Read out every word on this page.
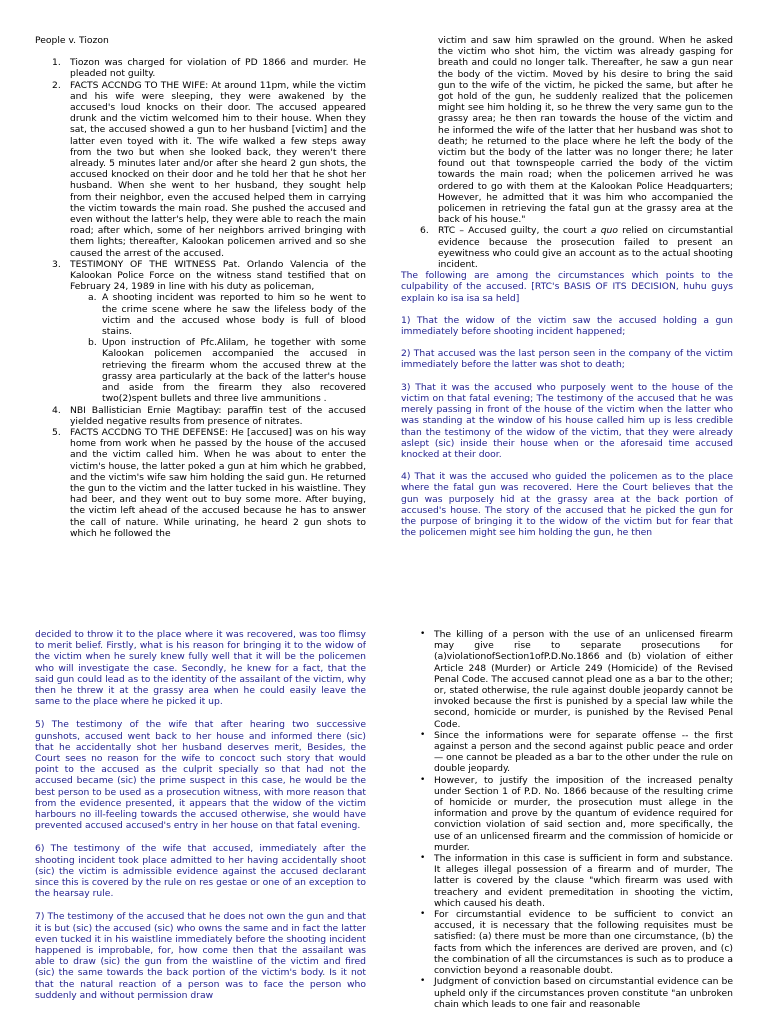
People v. Tiozon

1. Tiozon was charged for violation of PD 1866 and murder. He pleaded not guilty.
2. FACTS ACCNDG TO THE WIFE: At around 11pm, while the victim and his wife were sleeping, they were awakened by the accused's loud knocks on their door. The accused appeared drunk and the victim welcomed him to their house. When they sat, the accused showed a gun to her husband [victim] and the latter even toyed with it. The wife walked a few steps away from the two but when she looked back, they weren't there already. 5 minutes later and/or after she heard 2 gun shots, the accused knocked on their door and he told her that he shot her husband. When she went to her husband, they sought help from their neighbor, even the accused helped them in carrying the victim towards the main road. She pushed the accused and even without the latter's help, they were able to reach the main road; after which, some of her neighbors arrived bringing with them lights; thereafter, Kalookan policemen arrived and so she caused the arrest of the accused.
3. TESTIMONY OF THE WITNESS Pat. Orlando Valencia of the Kalookan Police Force on the witness stand testified that on February 24, 1989 in line with his duty as policeman,
a. A shooting incident was reported to him so he went to the crime scene where he saw the lifeless body of the victim and the accused whose body is full of blood stains.
b. Upon instruction of Pfc.Alilam, he together with some Kalookan policemen accompanied the accused in retrieving the firearm whom the accused threw at the grassy area particularly at the back of the latter's house and aside from the firearm they also recovered two(2)spent bullets and three live ammunitions .
4. NBI Ballistician Ernie Magtibay: paraffin test of the accused yielded negative results from presence of nitrates.
5. FACTS ACCDNG TO THE DEFENSE: He [accused] was on his way home from work when he passed by the house of the accused and the victim called him. When he was about to enter the victim's house, the latter poked a gun at him which he grabbed, and the victim's wife saw him holding the said gun. He returned the gun to the victim and the latter tucked in his waistline. They had beer, and they went out to buy some more. After buying, the victim left ahead of the accused because he has to answer the call of nature. While urinating, he heard 2 gun shots to which he followed the

victim and saw him sprawled on the ground. When he asked the victim who shot him, the victim was already gasping for breath and could no longer talk. Thereafter, he saw a gun near the body of the victim. Moved by his desire to bring the said gun to the wife of the victim, he picked the same, but after he got hold of the gun, he suddenly realized that the policemen might see him holding it, so he threw the very same gun to the grassy area; he then ran towards the house of the victim and he informed the wife of the latter that her husband was shot to death; he returned to the place where he left the body of the victim but the body of the latter was no longer there; he later found out that townspeople carried the body of the victim towards the main road; when the policemen arrived he was ordered to go with them at the Kalookan Police Headquarters; However, he admitted that it was him who accompanied the policemen in retrieving the fatal gun at the grassy area at the back of his house."

6. RTC – Accused guilty, the court a quo relied on circumstantial evidence because the prosecution failed to present an eyewitness who could give an account as to the actual shooting incident.

The following are among the circumstances which points to the culpability of the accused. [RTC's BASIS OF ITS DECISION, huhu guys explain ko isa isa sa held]

1) That the widow of the victim saw the accused holding a gun immediately before shooting incident happened;

2) That accused was the last person seen in the company of the victim immediately before the latter was shot to death;

3) That it was the accused who purposely went to the house of the victim on that fatal evening; The testimony of the accused that he was merely passing in front of the house of the victim when the latter who was standing at the window of his house called him up is less credible than the testimony of the widow of the victim, that they were already aslept (sic) inside their house when or the aforesaid time accused knocked at their door.

4) That it was the accused who guided the policemen as to the place where the fatal gun was recovered. Here the Court believes that the gun was purposely hid at the grassy area at the back portion of accused's house. The story of the accused that he picked the gun for the purpose of bringing it to the widow of the victim but for fear that the policemen might see him holding the gun, he then

decided to throw it to the place where it was recovered, was too flimsy to merit belief. Firstly, what is his reason for bringing it to the widow of the victim when he surely knew fully well that it will be the policemen who will investigate the case. Secondly, he knew for a fact, that the said gun could lead as to the identity of the assailant of the victim, why then he threw it at the grassy area when he could easily leave the same to the place where he picked it up.

5) The testimony of the wife that after hearing two successive gunshots, accused went back to her house and informed there (sic) that he accidentally shot her husband deserves merit, Besides, the Court sees no reason for the wife to concoct such story that would point to the accused as the culprit specially so that had not the accused became (sic) the prime suspect in this case, he would be the best person to be used as a prosecution witness, with more reason that from the evidence presented, it appears that the widow of the victim harbours no ill-feeling towards the accused otherwise, she would have prevented accused accused's entry in her house on that fatal evening.

6) The testimony of the wife that accused, immediately after the shooting incident took place admitted to her having accidentally shoot (sic) the victim is admissible evidence against the accused declarant since this is covered by the rule on res gestae or one of an exception to the hearsay rule.

7) The testimony of the accused that he does not own the gun and that it is but (sic) the accused (sic) who owns the same and in fact the latter even tucked it in his waistline immediately before the shooting incident happened is improbable, for, how come then that the assailant was able to draw (sic) the gun from the waistline of the victim and fired (sic) the same towards the back portion of the victim's body. Is it not that the natural reaction of a person was to face the person who suddenly and without permission draw

• The killing of a person with the use of an unlicensed firearm may give rise to separate prosecutions for (a)violationofSection1ofP.D.No.1866 and (b) violation of either Article 248 (Murder) or Article 249 (Homicide) of the Revised Penal Code. The accused cannot plead one as a bar to the other; or, stated otherwise, the rule against double jeopardy cannot be invoked because the first is punished by a special law while the second, homicide or murder, is punished by the Revised Penal Code.
• Since the informations were for separate offense -- the first against a person and the second against public peace and order — one cannot be pleaded as a bar to the other under the rule on double jeopardy.
• However, to justify the imposition of the increased penalty under Section 1 of P.D. No. 1866 because of the resulting crime of homicide or murder, the prosecution must allege in the information and prove by the quantum of evidence required for conviction violation of said section and, more specifically, the use of an unlicensed firearm and the commission of homicide or murder.
• The information in this case is sufficient in form and substance. It alleges illegal possession of a firearm and of murder, The latter is covered by the clause "which firearm was used with treachery and evident premeditation in shooting the victim, which caused his death.
• For circumstantial evidence to be sufficient to convict an accused, it is necessary that the following requisites must be satisfied: (a) there must be more than one circumstance, (b) the facts from which the inferences are derived are proven, and (c) the combination of all the circumstances is such as to produce a conviction beyond a reasonable doubt.
• Judgment of conviction based on circumstantial evidence can be upheld only if the circumstances proven constitute "an unbroken chain which leads to one fair and reasonable
